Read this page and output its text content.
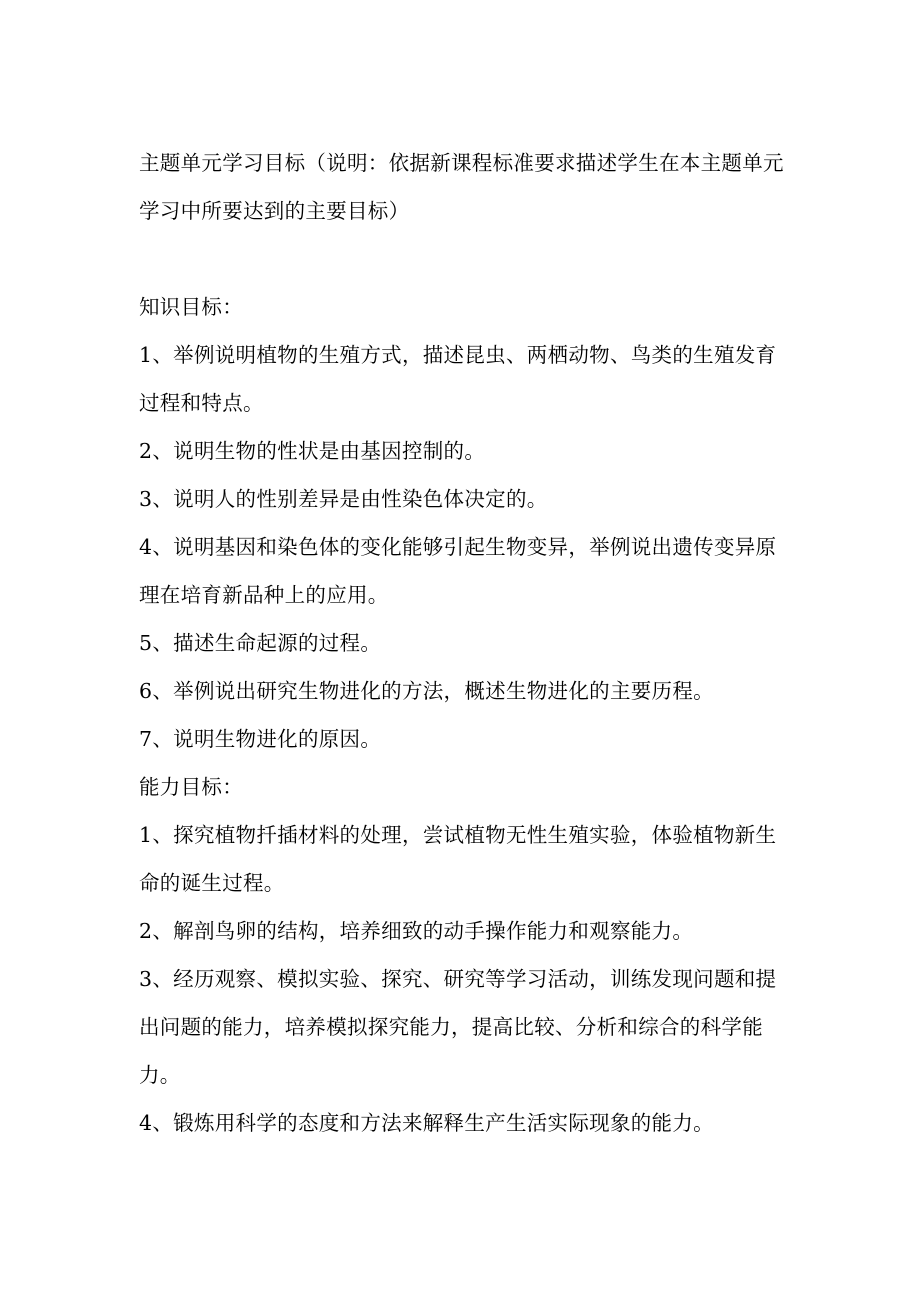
主题单元学习目标（说明：依据新课程标准要求描述学生在本主题单元学习中所要达到的主要目标）

知识目标：

1、举例说明植物的生殖方式，描述昆虫、两栖动物、鸟类的生殖发育过程和特点。

2、说明生物的性状是由基因控制的。

3、说明人的性别差异是由性染色体决定的。

4、说明基因和染色体的变化能够引起生物变异，举例说出遗传变异原理在培育新品种上的应用。

5、描述生命起源的过程。

6、举例说出研究生物进化的方法，概述生物进化的主要历程。

7、说明生物进化的原因。

能力目标：

1、探究植物扦插材料的处理，尝试植物无性生殖实验，体验植物新生命的诞生过程。

2、解剖鸟卵的结构，培养细致的动手操作能力和观察能力。

3、经历观察、模拟实验、探究、研究等学习活动，训练发现问题和提出问题的能力，培养模拟探究能力，提高比较、分析和综合的科学能力。

4、锻炼用科学的态度和方法来解释生产生活实际现象的能力。
